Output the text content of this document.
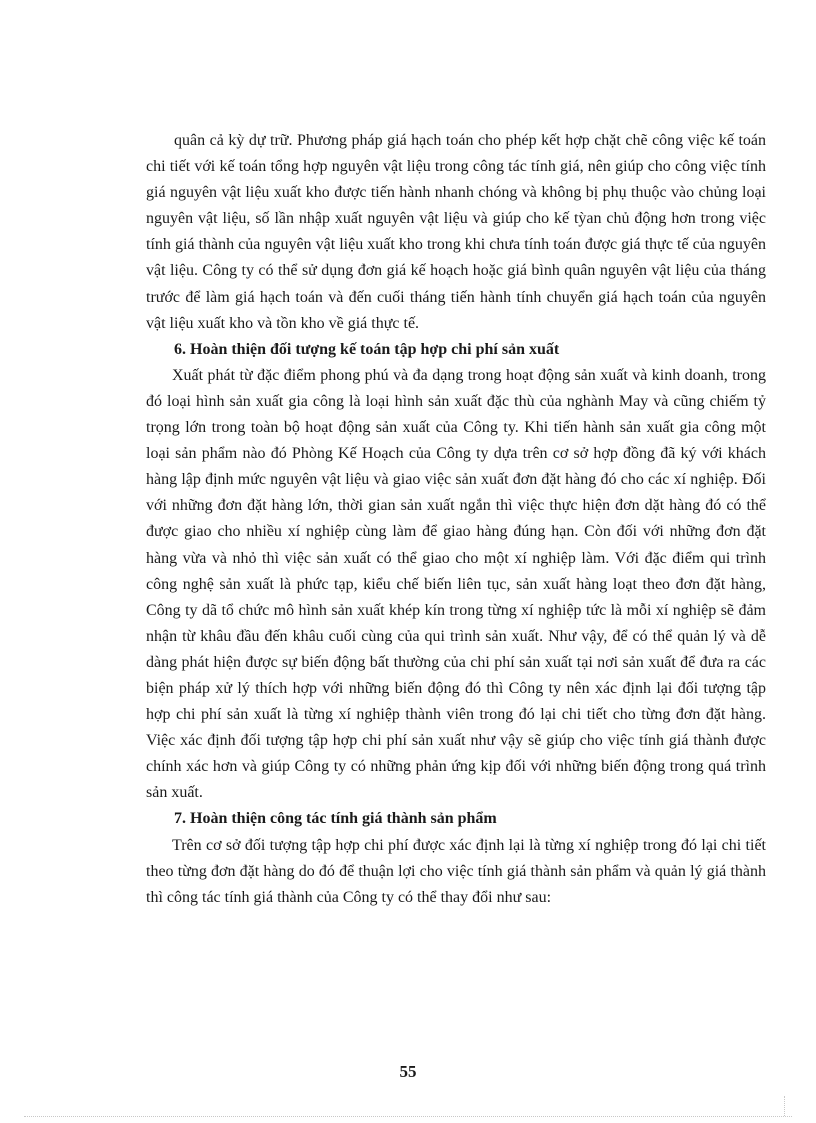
quân cả kỳ dự trữ. Phương pháp giá hạch toán cho phép kết hợp chặt chẽ công việc kế toán chi tiết với kế toán tổng hợp nguyên vật liệu trong công tác tính giá, nên giúp cho công việc tính giá nguyên vật liệu xuất kho được tiến hành nhanh chóng và không bị phụ thuộc vào chủng loại nguyên vật liệu, số lần nhập xuất nguyên vật liệu và giúp cho kế tỳan chủ động hơn trong việc tính giá thành của nguyên vật liệu xuất kho trong khi chưa tính toán được giá thực tế của nguyên vật liệu. Công ty có thể sử dụng đơn giá kế hoạch hoặc giá bình quân nguyên vật liệu của tháng trước để làm giá hạch toán và đến cuối tháng tiến hành tính chuyển giá hạch toán của nguyên vật liệu xuất kho và tồn kho về giá thực tế.

6. Hoàn thiện đối tượng kế toán tập hợp chi phí sản xuất

Xuất phát từ đặc điểm phong phú và đa dạng trong hoạt động sản xuất và kinh doanh, trong đó loại hình sản xuất gia công là loại hình sản xuất đặc thù của nghành May và cũng chiếm tỷ trọng lớn trong toàn bộ hoạt động sản xuất của Công ty. Khi tiến hành sản xuất gia công một loại sản phẩm nào đó Phòng Kế Hoạch của Công ty dựa trên cơ sở hợp đồng đã ký với khách hàng lập định mức nguyên vật liệu và giao việc sản xuất đơn đặt hàng đó cho các xí nghiệp. Đối với những đơn đặt hàng lớn, thời gian sản xuất ngắn thì việc thực hiện đơn dặt hàng đó có thể được giao cho nhiều xí nghiệp cùng làm để giao hàng đúng hạn. Còn đối với những đơn đặt hàng vừa và nhỏ thì việc sản xuất có thể giao cho một xí nghiệp làm. Với đặc điểm qui trình công nghệ sản xuất là phức tạp, kiểu chế biến liên tục, sản xuất hàng loạt theo đơn đặt hàng, Công ty dã tổ chức mô hình sản xuất khép kín trong từng xí nghiệp tức là mỗi xí nghiệp sẽ đảm nhận từ khâu đầu đến khâu cuối cùng của qui trình sản xuất. Như vậy, để có thể quản lý và dễ dàng phát hiện được sự biến động bất thường của chi phí sản xuất tại nơi sản xuất để đưa ra các biện pháp xử lý thích hợp với những biến động đó thì Công ty nên xác định lại đối tượng tập hợp chi phí sản xuất là từng xí nghiệp thành viên trong đó lại chi tiết cho từng đơn đặt hàng. Việc xác định đối tượng tập hợp chi phí sản xuất như vậy sẽ giúp cho việc tính giá thành được chính xác hơn và giúp Công ty có những phản ứng kịp đối với những biến động trong quá trình sản xuất.

7. Hoàn thiện công tác tính giá thành sản phẩm

Trên cơ sở đối tượng tập hợp chi phí được xác định lại là từng xí nghiệp trong đó lại chi tiết theo từng đơn đặt hàng do đó để thuận lợi cho việc tính giá thành sản phẩm và quản lý giá thành thì công tác tính giá thành của Công ty có thể thay đổi như sau:

55
